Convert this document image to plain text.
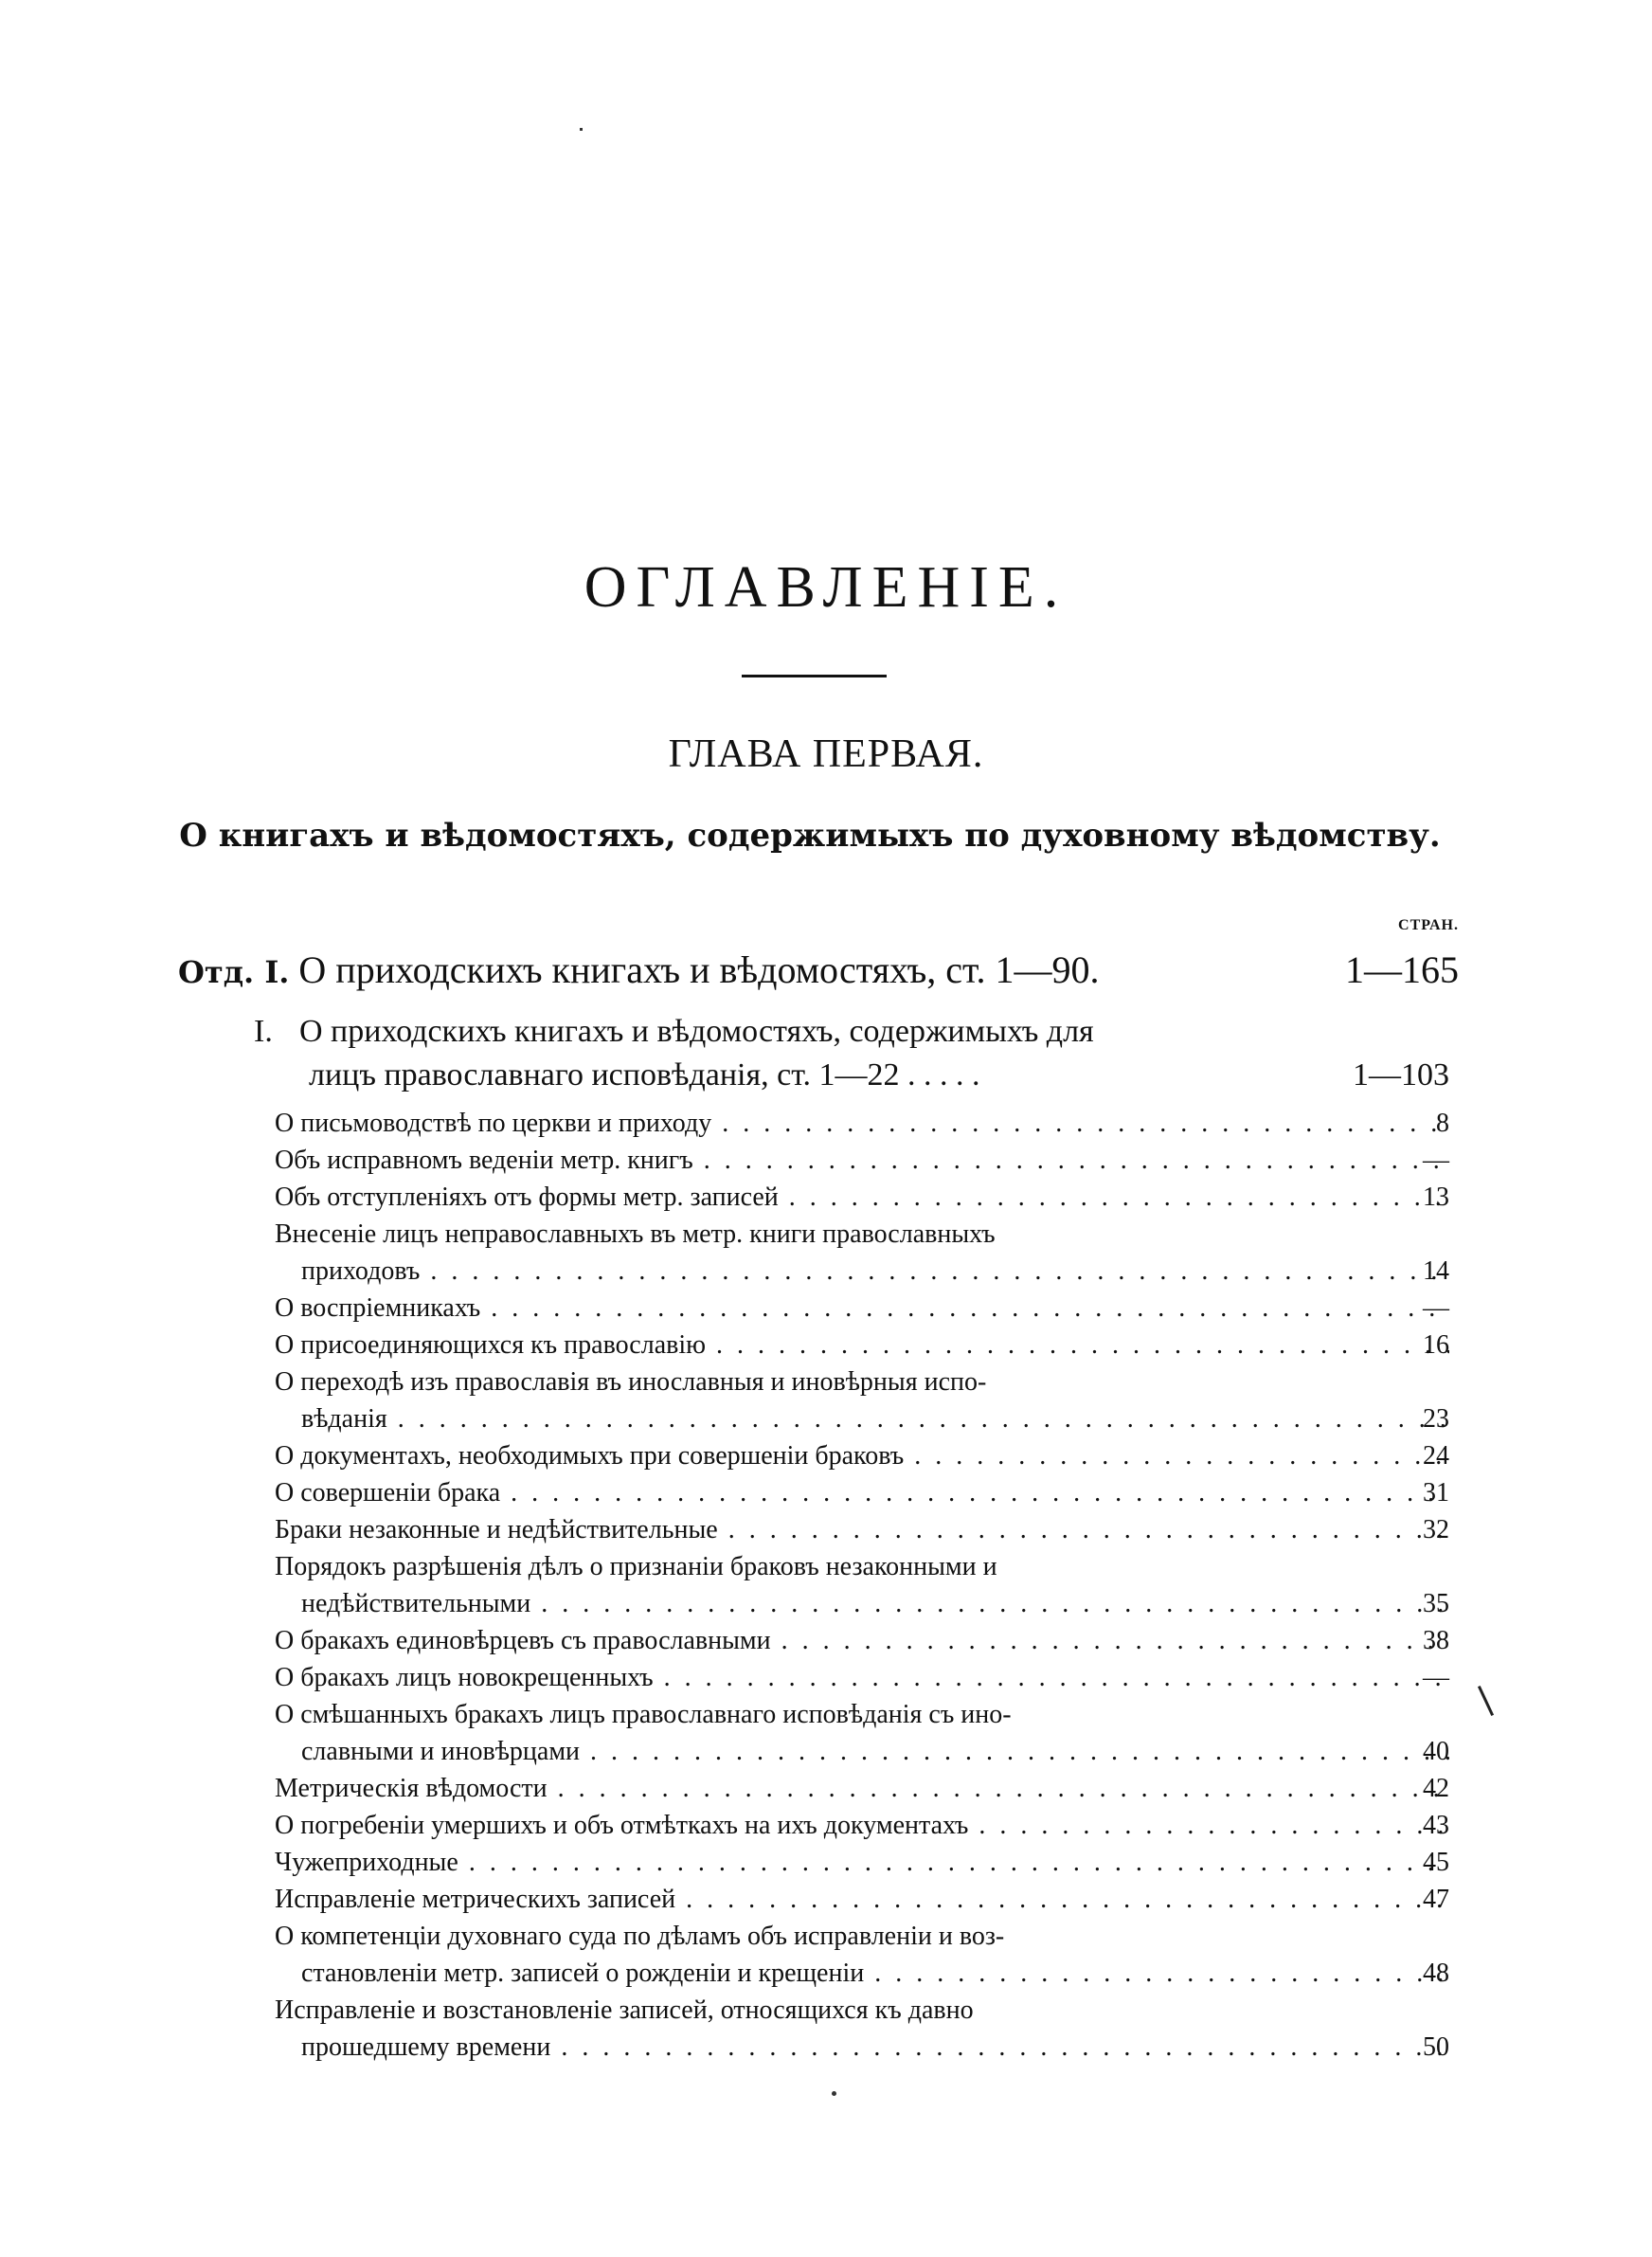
ОГЛАВЛЕНІЕ.
ГЛАВА ПЕРВАЯ.
О книгахъ и вѣдомостяхъ, содержимыхъ по духовному вѣдомству.
СТРАН.
Отд. I. О приходскихъ книгахъ и вѣдомостяхъ, ст. 1—90.	1—165
I. О приходскихъ книгахъ и вѣдомостяхъ, содержимыхъ для
лицъ православнаго исповѣданія, ст. 1—22 . . . . .	1—103
О письмоводствѣ по церкви и приходу . . .	8
Объ исправномъ веденіи метр. книгъ . . .	—
Объ отступленіяхъ отъ формы метр. записей . . .	13
Внесеніе лицъ неправославныхъ въ метр. книги православныхъ
приходовъ . . .	14
О воспріемникахъ . . .	—
О присоединяющихся къ православію . . .	16
О переходѣ изъ православія въ инославныя и иновѣрныя испо-
вѣданія . . .	23
О документахъ, необходимыхъ при совершеніи браковъ . . .	24
О совершеніи брака . . .	31
Браки незаконные и недѣйствительные . . .	32
Порядокъ разрѣшенія дѣлъ о признаніи браковъ незаконными и
недѣйствительными . . .	35
О бракахъ единовѣрцевъ съ православными . . .	38
О бракахъ лицъ новокрещенныхъ . . .	—
О смѣшанныхъ бракахъ лицъ православнаго исповѣданія съ ино-
славными и иновѣрцами . . .	40
Метрическія вѣдомости . . .	42
О погребеніи умершихъ и объ отмѣткахъ на ихъ документахъ . . .	43
Чужеприходные . . .	45
Исправленіе метрическихъ записей . . .	47
О компетенціи духовнаго суда по дѣламъ объ исправленіи и воз-
становленіи метр. записей о рожденіи и крещеніи . . .	48
Исправленіе и возстановленіе записей, относящихся къ давно
прошедшему времени . . .	50
